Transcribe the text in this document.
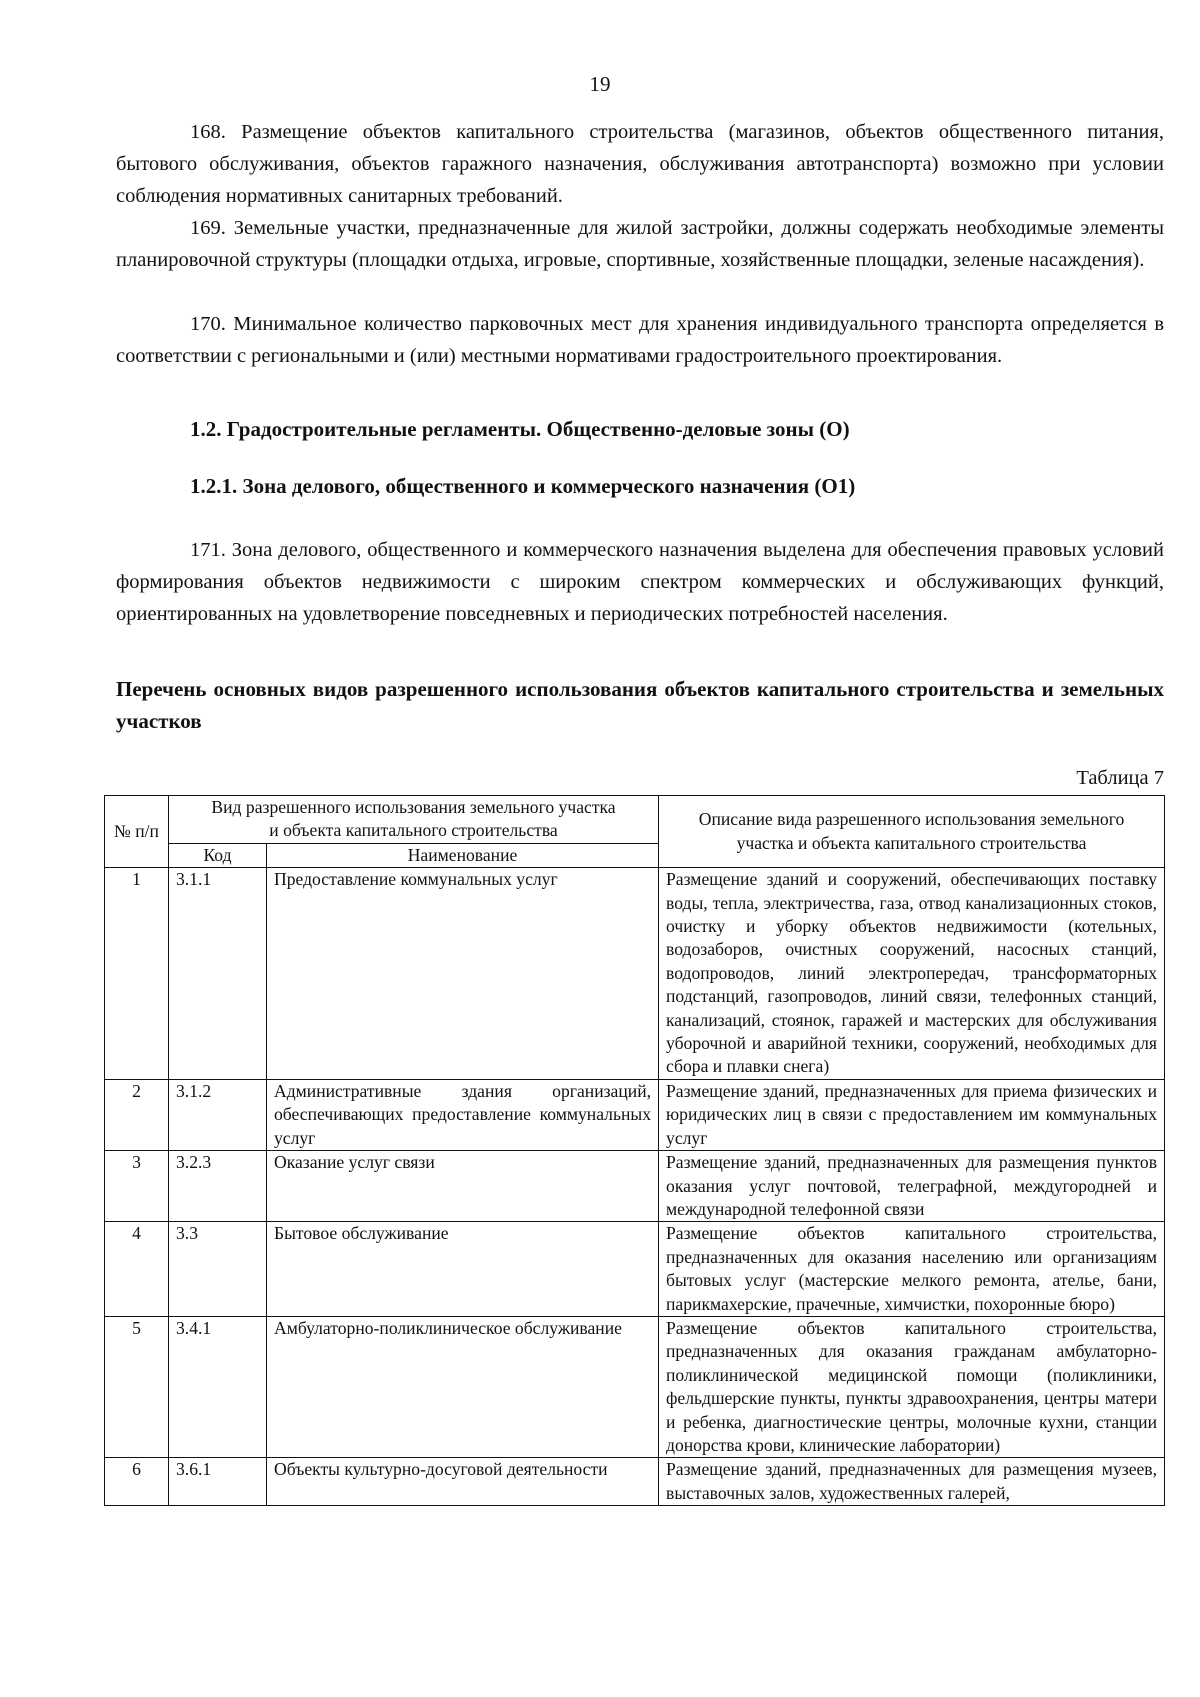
19

168. Размещение объектов капитального строительства (магазинов, объектов общественного питания, бытового обслуживания, объектов гаражного назначения, обслуживания автотранспорта) возможно при условии соблюдения нормативных санитарных требований.

169. Земельные участки, предназначенные для жилой застройки, должны содержать необходимые элементы планировочной структуры (площадки отдыха, игровые, спортивные, хозяйственные площадки, зеленые насаждения).

170. Минимальное количество парковочных мест для хранения индивидуального транспорта определяется в соответствии с региональными и (или) местными нормативами градостроительного проектирования.

1.2. Градостроительные регламенты. Общественно-деловые зоны (О)
1.2.1. Зона делового, общественного и коммерческого назначения (О1)

171. Зона делового, общественного и коммерческого назначения выделена для обеспечения правовых условий формирования объектов недвижимости с широким спектром коммерческих и обслуживающих функций, ориентированных на удовлетворение повседневных и периодических потребностей населения.

Перечень основных видов разрешенного использования объектов капитального строительства и земельных участков

Таблица 7
№ п/п	Вид разрешенного использования земельного участка и объекта капитального строительства		Описание вида разрешенного использования земельного участка и объекта капитального строительства
	Код	Наименование	
1	3.1.1	Предоставление коммунальных услуг	Размещение зданий и сооружений, обеспечивающих поставку воды, тепла, электричества, газа, отвод канализационных стоков, очистку и уборку объектов недвижимости (котельных, водозаборов, очистных сооружений, насосных станций, водопроводов, линий электропередач, трансформаторных подстанций, газопроводов, линий связи, телефонных станций, канализаций, стоянок, гаражей и мастерских для обслуживания уборочной и аварийной техники, сооружений, необходимых для сбора и плавки снега)
2	3.1.2	Административные здания организаций, обеспечивающих предоставление коммунальных услуг	Размещение зданий, предназначенных для приема физических и юридических лиц в связи с предоставлением им коммунальных услуг
3	3.2.3	Оказание услуг связи	Размещение зданий, предназначенных для размещения пунктов оказания услуг почтовой, телеграфной, междугородней и международной телефонной связи
4	3.3	Бытовое обслуживание	Размещение объектов капитального строительства, предназначенных для оказания населению или организациям бытовых услуг (мастерские мелкого ремонта, ателье, бани, парикмахерские, прачечные, химчистки, похоронные бюро)
5	3.4.1	Амбулаторно-поликлиническое обслуживание	Размещение объектов капитального строительства, предназначенных для оказания гражданам амбулаторно-поликлинической медицинской помощи (поликлиники, фельдшерские пункты, пункты здравоохранения, центры матери и ребенка, диагностические центры, молочные кухни, станции донорства крови, клинические лаборатории)
6	3.6.1	Объекты культурно-досуговой деятельности	Размещение зданий, предназначенных для размещения музеев, выставочных залов, художественных галерей,
